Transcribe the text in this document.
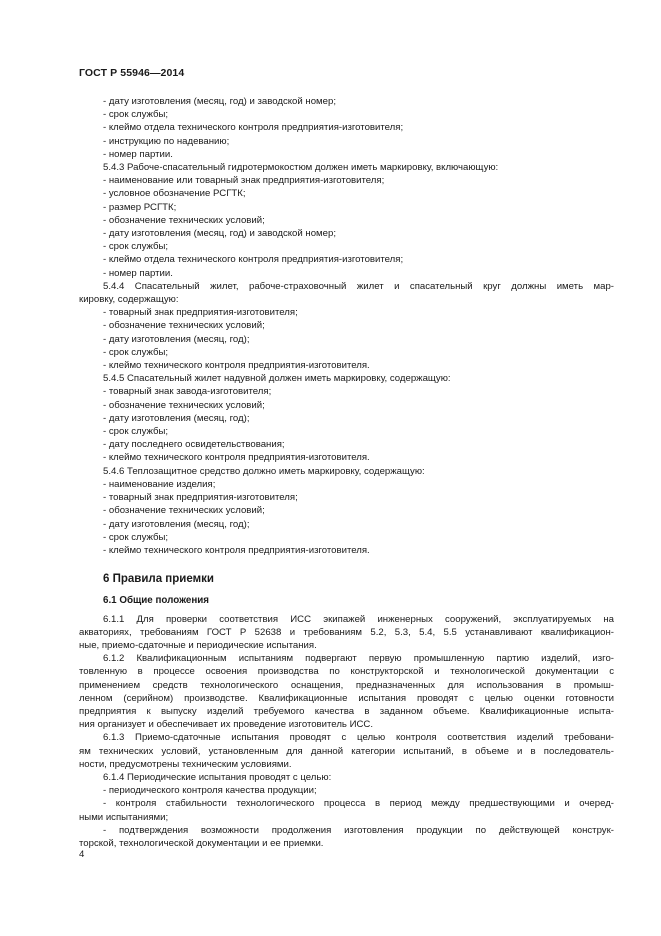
ГОСТ Р 55946—2014
- дату изготовления (месяц, год) и заводской номер;
- срок службы;
- клеймо отдела технического контроля предприятия-изготовителя;
- инструкцию по надеванию;
- номер партии.
5.4.3 Рабоче-спасательный гидротермокостюм должен иметь маркировку, включающую:
- наименование или товарный знак предприятия-изготовителя;
- условное обозначение РСГТК;
- размер РСГТК;
- обозначение технических условий;
- дату изготовления (месяц, год) и заводской номер;
- срок службы;
- клеймо отдела технического контроля предприятия-изготовителя;
- номер партии.
5.4.4 Спасательный жилет, рабоче-страховочный жилет и спасательный круг должны иметь мар-
кировку, содержащую:
- товарный знак предприятия-изготовителя;
- обозначение технических условий;
- дату изготовления (месяц, год);
- срок службы;
- клеймо технического контроля предприятия-изготовителя.
5.4.5 Спасательный жилет надувной должен иметь маркировку, содержащую:
- товарный знак завода-изготовителя;
- обозначение технических условий;
- дату изготовления (месяц, год);
- срок службы;
- дату последнего освидетельствования;
- клеймо технического контроля предприятия-изготовителя.
5.4.6 Теплозащитное средство должно иметь маркировку, содержащую:
- наименование изделия;
- товарный знак предприятия-изготовителя;
- обозначение технических условий;
- дату изготовления (месяц, год);
- срок службы;
- клеймо технического контроля предприятия-изготовителя.
6 Правила приемки
6.1 Общие положения
6.1.1 Для проверки соответствия ИСС экипажей инженерных сооружений, эксплуатируемых на
акваториях, требованиям ГОСТ Р 52638 и требованиям 5.2, 5.3, 5.4, 5.5 устанавливают квалификацион-
ные, приемо-сдаточные и периодические испытания.
6.1.2 Квалификационным испытаниям подвергают первую промышленную партию изделий, изго-
товленную в процессе освоения производства по конструкторской и технологической документации с
применением средств технологического оснащения, предназначенных для использования в промыш-
ленном (серийном) производстве. Квалификационные испытания проводят с целью оценки готовности
предприятия к выпуску изделий требуемого качества в заданном объеме. Квалификационные испыта-
ния организует и обеспечивает их проведение изготовитель ИСС.
6.1.3 Приемо-сдаточные испытания проводят с целью контроля соответствия изделий требовани-
ям технических условий, установленным для данной категории испытаний, в объеме и в последователь-
ности, предусмотрены техническим условиями.
6.1.4 Периодические испытания проводят с целью:
- периодического контроля качества продукции;
- контроля стабильности технологического процесса в период между предшествующими и очеред-
ными испытаниями;
- подтверждения возможности продолжения изготовления продукции по действующей конструк-
торской, технологической документации и ее приемки.
4
